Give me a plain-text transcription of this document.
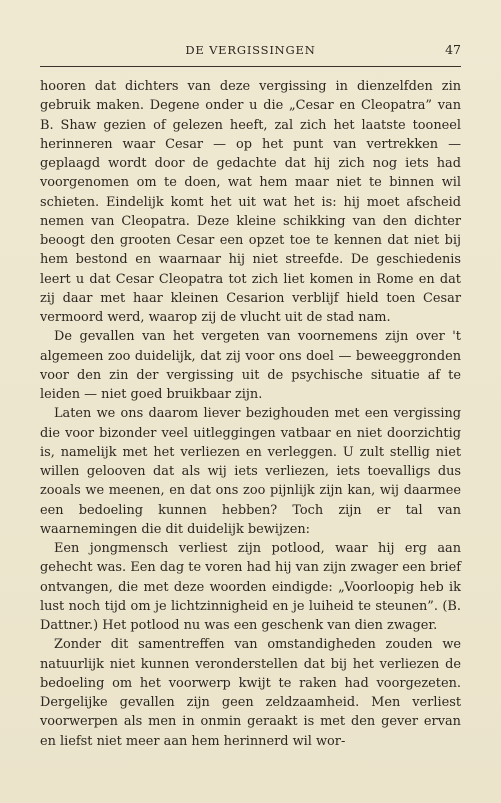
DE VERGISSINGEN	47

hooren dat dichters van deze vergissing in dienzelfden zin gebruik maken. Degene onder u die „Cesar en Cleopatra” van B. Shaw gezien of gelezen heeft, zal zich het laatste tooneel herinneren waar Cesar — op het punt van vertrekken — geplaagd wordt door de gedachte dat hij zich nog iets had voorgenomen om te doen, wat hem maar niet te binnen wil schieten. Eindelijk komt het uit wat het is: hij moet afscheid nemen van Cleopatra. Deze kleine schikking van den dichter beoogt den grooten Cesar een opzet toe te kennen dat niet bij hem bestond en waarnaar hij niet streefde. De geschiedenis leert u dat Cesar Cleopatra tot zich liet komen in Rome en dat zij daar met haar kleinen Cesarion verblijf hield toen Cesar vermoord werd, waarop zij de vlucht uit de stad nam.

De gevallen van het vergeten van voornemens zijn over 't algemeen zoo duidelijk, dat zij voor ons doel — beweeggronden voor den zin der vergissing uit de psychische situatie af te leiden — niet goed bruikbaar zijn.

Laten we ons daarom liever bezighouden met een vergissing die voor bizonder veel uitleggingen vatbaar en niet doorzichtig is, namelijk met het verliezen en verleggen. U zult stellig niet willen gelooven dat als wij iets verliezen, iets toevalligs dus zooals we meenen, en dat ons zoo pijnlijk zijn kan, wij daarmee een bedoeling kunnen hebben? Toch zijn er tal van waarnemingen die dit duidelijk bewijzen:

Een jongmensch verliest zijn potlood, waar hij erg aan gehecht was. Een dag te voren had hij van zijn zwager een brief ontvangen, die met deze woorden eindigde: „Voorloopig heb ik lust noch tijd om je lichtzinnigheid en je luiheid te steunen”. (B. Dattner.) Het potlood nu was een geschenk van dien zwager.

Zonder dit samentreffen van omstandigheden zouden we natuurlijk niet kunnen veronderstellen dat bij het verliezen de bedoeling om het voorwerp kwijt te raken had voorgezeten. Dergelijke gevallen zijn geen zeldzaamheid. Men verliest voorwerpen als men in onmin geraakt is met den gever ervan en liefst niet meer aan hem herinnerd wil wor-
